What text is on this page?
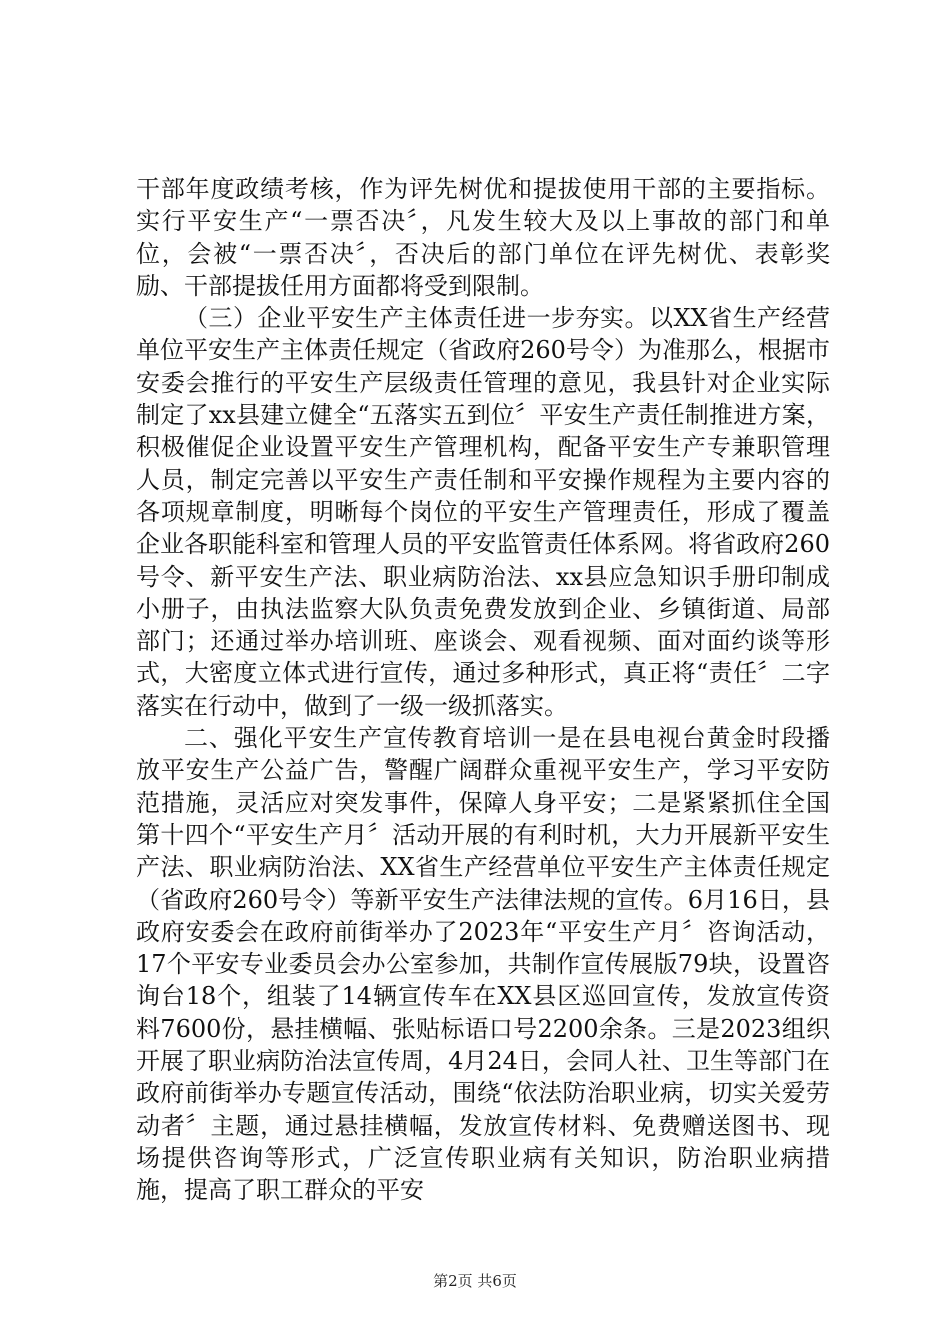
干部年度政绩考核，作为评先树优和提拔使用干部的主要指标。实行平安生产“一票否决〞，凡发生较大及以上事故的部门和单位，会被“一票否决〞，否决后的部门单位在评先树优、表彰奖励、干部提拔任用方面都将受到限制。

（三）企业平安生产主体责任进一步夯实。以XX省生产经营单位平安生产主体责任规定（省政府260号令）为准那么，根据市安委会推行的平安生产层级责任管理的意见，我县针对企业实际制定了xx县建立健全“五落实五到位〞平安生产责任制推进方案，积极催促企业设置平安生产管理机构，配备平安生产专兼职管理人员，制定完善以平安生产责任制和平安操作规程为主要内容的各项规章制度，明晰每个岗位的平安生产管理责任，形成了覆盖企业各职能科室和管理人员的平安监管责任体系网。将省政府260号令、新平安生产法、职业病防治法、xx县应急知识手册印制成小册子，由执法监察大队负责免费发放到企业、乡镇街道、局部部门；还通过举办培训班、座谈会、观看视频、面对面约谈等形式，大密度立体式进行宣传，通过多种形式，真正将“责任〞二字落实在行动中，做到了一级一级抓落实。

二、强化平安生产宣传教育培训一是在县电视台黄金时段播放平安生产公益广告，警醒广阔群众重视平安生产，学习平安防范措施，灵活应对突发事件，保障人身平安；二是紧紧抓住全国第十四个“平安生产月〞活动开展的有利时机，大力开展新平安生产法、职业病防治法、XX省生产经营单位平安生产主体责任规定（省政府260号令）等新平安生产法律法规的宣传。6月16日，县政府安委会在政府前街举办了2023年“平安生产月〞咨询活动，17个平安专业委员会办公室参加，共制作宣传展版79块，设置咨询台18个，组装了14辆宣传车在XX县区巡回宣传，发放宣传资料7600份，悬挂横幅、张贴标语口号2200余条。三是2023组织开展了职业病防治法宣传周，4月24日，会同人社、卫生等部门在政府前街举办专题宣传活动，围绕“依法防治职业病，切实关爱劳动者〞主题，通过悬挂横幅，发放宣传材料、免费赠送图书、现场提供咨询等形式，广泛宣传职业病有关知识，防治职业病措施，提高了职工群众的平安

第2页 共6页
